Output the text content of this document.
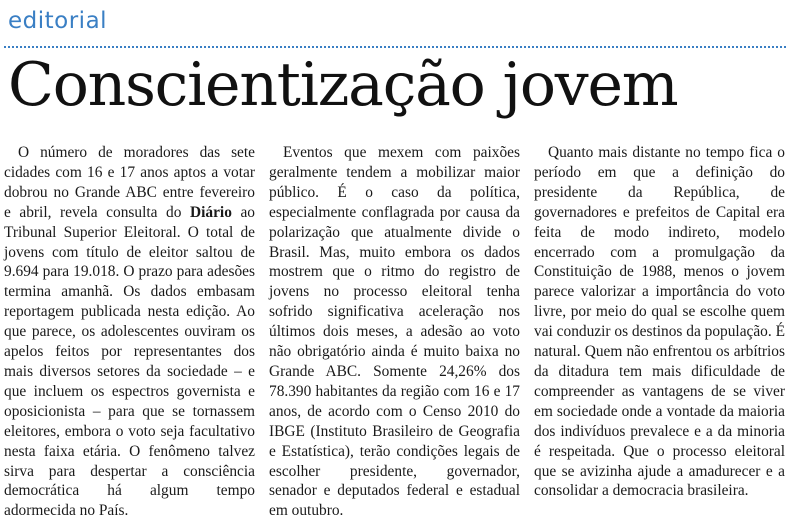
editorial
Conscientização jovem

O número de moradores das sete cidades com 16 e 17 anos aptos a votar dobrou no Grande ABC entre fevereiro e abril, revela consulta do Diário ao Tribunal Superior Eleitoral. O total de jovens com título de eleitor saltou de 9.694 para 19.018. O prazo para adesões termina amanhã. Os dados embasam reportagem publicada nesta edição. Ao que parece, os adolescentes ouviram os apelos feitos por representantes dos mais diversos setores da sociedade – e que incluem os espectros governista e oposicionista – para que se tornassem eleitores, embora o voto seja facultativo nesta faixa etária. O fenômeno talvez sirva para despertar a consciência democrática há algum tempo adormecida no País.

Eventos que mexem com paixões geralmente tendem a mobilizar maior público. É o caso da política, especialmente conflagrada por causa da polarização que atualmente divide o Brasil. Mas, muito embora os dados mostrem que o ritmo do registro de jovens no processo eleitoral tenha sofrido significativa aceleração nos últimos dois meses, a adesão ao voto não obrigatório ainda é muito baixa no Grande ABC. Somente 24,26% dos 78.390 habitantes da região com 16 e 17 anos, de acordo com o Censo 2010 do IBGE (Instituto Brasileiro de Geografia e Estatística), terão condições legais de escolher presidente, governador, senador e deputados federal e estadual em outubro.

Quanto mais distante no tempo fica o período em que a definição do presidente da República, de governadores e prefeitos de Capital era feita de modo indireto, modelo encerrado com a promulgação da Constituição de 1988, menos o jovem parece valorizar a importância do voto livre, por meio do qual se escolhe quem vai conduzir os destinos da população. É natural. Quem não enfrentou os arbítrios da ditadura tem mais dificuldade de compreender as vantagens de se viver em sociedade onde a vontade da maioria dos indivíduos prevalece e a da minoria é respeitada. Que o processo eleitoral que se avizinha ajude a amadurecer e a consolidar a democracia brasileira.
